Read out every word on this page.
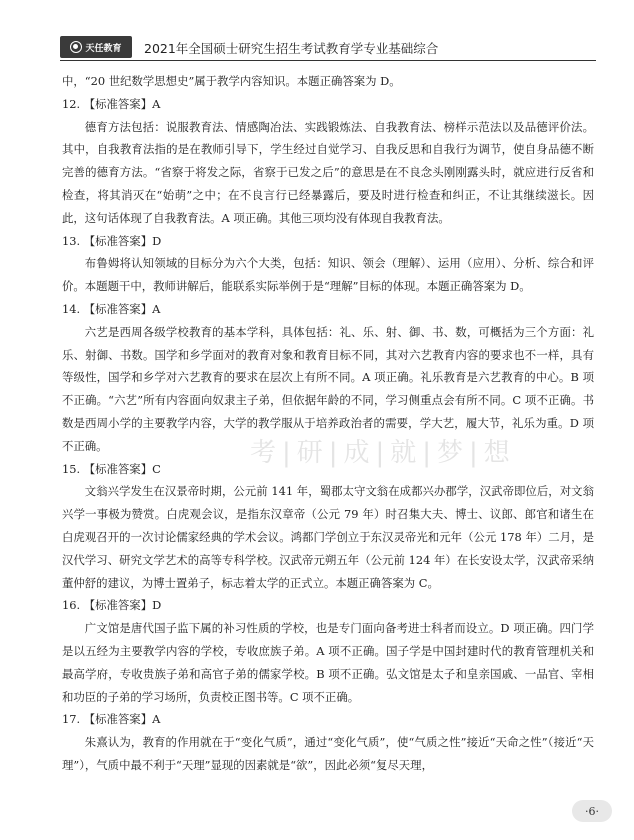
天任教育 2021年全国硕士研究生招生考试教育学专业基础综合

中，“20 世纪数学思想史”属于教学内容知识。本题正确答案为 D。

12. 【标准答案】A

德育方法包括：说服教育法、情感陶冶法、实践锻炼法、自我教育法、榜样示范法以及品德评价法。其中，自我教育法指的是在教师引导下，学生经过自觉学习、自我反思和自我行为调节，使自身品德不断完善的德育方法。“省察于将发之际，省察于已发之后”的意思是在不良念头刚刚露头时，就应进行反省和检查，将其消灭在“始萌”之中；在不良言行已经暴露后，要及时进行检查和纠正，不让其继续滋长。因此，这句话体现了自我教育法。A 项正确。其他三项均没有体现自我教育法。

13. 【标准答案】D

布鲁姆将认知领域的目标分为六个大类，包括：知识、领会（理解）、运用（应用）、分析、综合和评价。本题题干中，教师讲解后，能联系实际举例于是“理解”目标的体现。本题正确答案为 D。

14. 【标准答案】A

六艺是西周各级学校教育的基本学科，具体包括：礼、乐、射、御、书、数，可概括为三个方面：礼乐、射御、书数。国学和乡学面对的教育对象和教育目标不同，其对六艺教育内容的要求也不一样，具有等级性，国学和乡学对六艺教育的要求在层次上有所不同。A 项正确。礼乐教育是六艺教育的中心。B 项不正确。“六艺”所有内容面向奴隶主子弟，但依据年龄的不同，学习侧重点会有所不同。C 项不正确。书数是西周小学的主要教学内容，大学的教学服从于培养政治者的需要，学大艺，履大节，礼乐为重。D 项不正确。

15. 【标准答案】C

文翁兴学发生在汉景帝时期，公元前 141 年，蜀郡太守文翁在成都兴办郡学，汉武帝即位后，对文翁兴学一事极为赞赏。白虎观会议，是指东汉章帝（公元 79 年）时召集大夫、博士、议郎、郎官和诸生在白虎观召开的一次讨论儒家经典的学术会议。鸿都门学创立于东汉灵帝光和元年（公元 178 年）二月，是汉代学习、研究文学艺术的高等专科学校。汉武帝元朔五年（公元前 124 年）在长安设太学，汉武帝采纳董仲舒的建议，为博士置弟子，标志着太学的正式立。本题正确答案为 C。

16. 【标准答案】D

广文馆是唐代国子监下属的补习性质的学校，也是专门面向备考进士科者而设立。D 项正确。四门学是以五经为主要教学内容的学校，专收庶族子弟。A 项不正确。国子学是中国封建时代的教育管理机关和最高学府，专收贵族子弟和高官子弟的儒家学校。B 项不正确。弘文馆是太子和皇亲国戚、一品官、宰相和功臣的子弟的学习场所，负责校正图书等。C 项不正确。

17. 【标准答案】A

朱熹认为，教育的作用就在于“变化气质”，通过“变化气质”，使“气质之性”接近“天命之性”（接近“天理”），气质中最不利于“天理”显现的因素就是“欲”，因此必须“复尽天理，

考|研|成|就|梦|想
·6·
